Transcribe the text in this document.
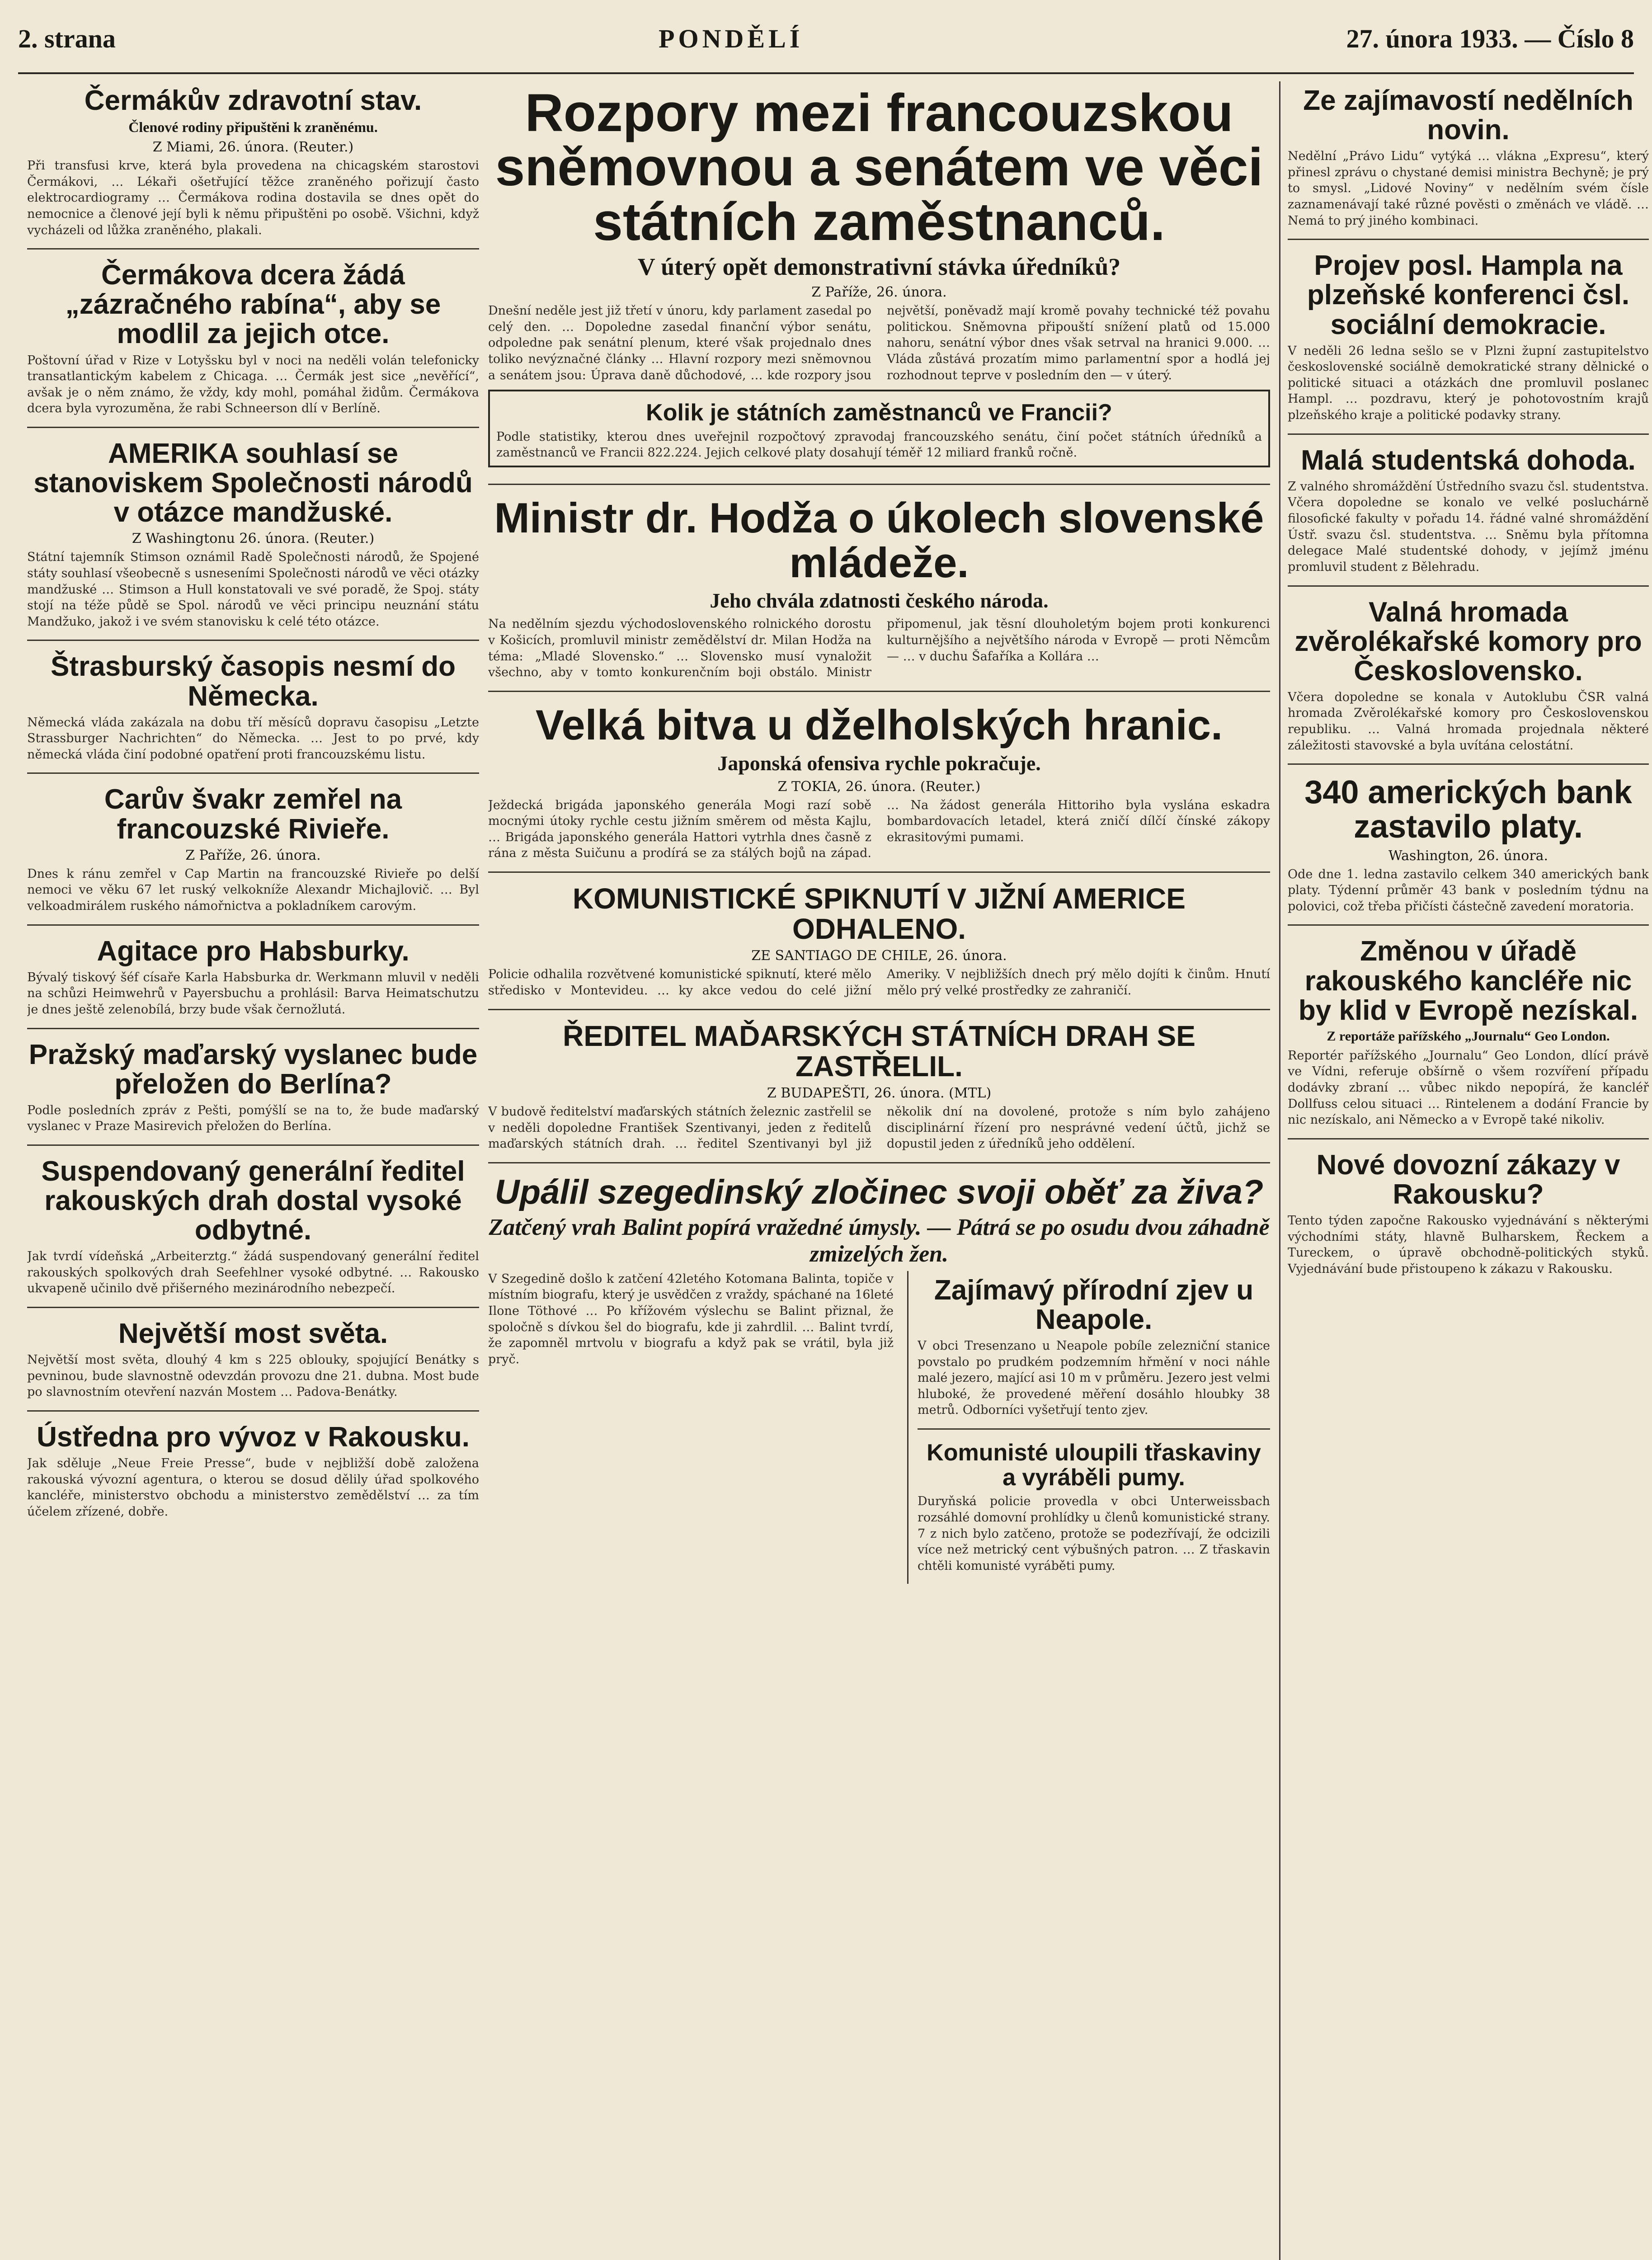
2. strana	PONDĚLÍ	27. února 1933. — Číslo 8
Čermákův zdravotní stav.
Členové rodiny připuštěni k zraněnému.
Z Miami, 26. února. (Reuter.)
Při transfusi krve, která byla provedena na chicagském starostovi Čermákovi, … Lékaři ošetřující těžce zraněného pořizují často elektrocardiogramy … Čermákova rodina dostavila se dnes opět do nemocnice a členové její byli k němu připuštěni po osobě. Všichni, když vycházeli od lůžka zraněného, plakali.
Čermákova dcera žádá „zázračného rabína“, aby se modlil za jejich otce.
Poštovní úřad v Rize v Lotyšsku byl v noci na neděli volán telefonicky transatlantickým kabelem z Chicaga. … Čermák jest sice „nevěřící“, avšak je o něm známo, že vždy, kdy mohl, pomáhal židům. Čermákova dcera byla vyrozuměna, že rabi Schneerson dlí v Berlíně.
AMERIKA souhlasí se stanoviskem Společnosti národů v otázce mandžuské.
Z Washingtonu 26. února. (Reuter.)
Státní tajemník Stimson oznámil Radě Společnosti národů, že Spojené státy souhlasí všeobecně s usneseními Společnosti národů ve věci otázky mandžuské … Stimson a Hull konstatovali ve své poradě, že Spoj. státy stojí na téže půdě se Spol. národů ve věci principu neuznání státu Mandžuko, jakož i ve svém stanovisku k celé této otázce.
Štrasburský časopis nesmí do Německa.
Německá vláda zakázala na dobu tří měsíců dopravu časopisu „Letzte Strassburger Nachrichten“ do Německa. … Jest to po prvé, kdy německá vláda činí podobné opatření proti francouzskému listu.
Carův švakr zemřel na francouzské Rivieře.
Z Paříže, 26. února.
Dnes k ránu zemřel v Cap Martin na francouzské Rivieře po delší nemoci ve věku 67 let ruský velkokníže Alexandr Michajlovič. … Byl velkoadmirálem ruského námořnictva a pokladníkem carovým.
Agitace pro Habsburky.
Bývalý tiskový šéf císaře Karla Habsburka dr. Werkmann mluvil v neděli na schůzi Heimwehrů v Payersbuchu a prohlásil: Barva Heimatschutzu je dnes ještě zelenobílá, brzy bude však černožlutá.
Pražský maďarský vyslanec bude přeložen do Berlína?
Podle posledních zpráv z Pešti, pomýšlí se na to, že bude maďarský vyslanec v Praze Masirevich přeložen do Berlína.
Suspendovaný generální ředitel rakouských drah dostal vysoké odbytné.
Jak tvrdí vídeňská „Arbeiterztg.“ žádá suspendovaný generální ředitel rakouských spolkových drah Seefehlner vysoké odbytné. … Rakousko ukvapeně učinilo dvě přišerného mezinárodního nebezpečí.
Největší most světa.
Největší most světa, dlouhý 4 km s 225 oblouky, spojující Benátky s pevninou, bude slavnostně odevzdán provozu dne 21. dubna. Most bude po slavnostním otevření nazván Mostem … Padova-Benátky.
Ústředna pro vývoz v Rakousku.
Jak sděluje „Neue Freie Presse“, bude v nejbližší době založena rakouská vývozní agentura, o kterou se dosud dělily úřad spolkového kancléře, ministerstvo obchodu a ministerstvo zemědělství … za tím účelem zřízené, dobře.
Rozpory mezi francouzskou sněmovnou a senátem ve věci státních zaměstnanců.
V úterý opět demonstrativní stávka úředníků?
Z Paříže, 26. února.
Dnešní neděle jest již třetí v únoru, kdy parlament zasedal po celý den. … Dopoledne zasedal finanční výbor senátu, odpoledne pak senátní plenum, které však projednalo dnes toliko nevýznačné články … Hlavní rozpory mezi sněmovnou a senátem jsou: Úprava daně důchodové, … kde rozpory jsou největší, poněvadž mají kromě povahy technické též povahu politickou. Sněmovna připouští snížení platů od 15.000 nahoru, senátní výbor dnes však setrval na hranici 9.000. … Vláda zůstává prozatím mimo parlamentní spor a hodlá jej rozhodnout teprve v posledním den — v úterý.
Kolik je státních zaměstnanců ve Francii?
Podle statistiky, kterou dnes uveřejnil rozpočtový zpravodaj francouzského senátu, činí počet státních úředníků a zaměstnanců ve Francii 822.224. Jejich celkové platy dosahují téměř 12 miliard franků ročně.
Ministr dr. Hodža o úkolech slovenské mládeže.
Jeho chvála zdatnosti českého národa.
Na nedělním sjezdu východoslovenského rolnického dorostu v Košicích, promluvil ministr zemědělství dr. Milan Hodža na téma: „Mladé Slovensko.“ … Slovensko musí vynaložit všechno, aby v tomto konkurenčním boji obstálo. Ministr připomenul, jak těsní dlouholetým bojem proti konkurenci kulturnějšího a největšího národa v Evropě — proti Němcům — … v duchu Šafaříka a Kollára …
Velká bitva u dželholských hranic.
Japonská ofensiva rychle pokračuje.
Z TOKIA, 26. února. (Reuter.)
Ježdecká brigáda japonského generála Mogi razí sobě mocnými útoky rychle cestu jižním směrem od města Kajlu, … Brigáda japonského generála Hattori vytrhla dnes časně z rána z města Suičunu a prodírá se za stálých bojů na západ. … Na žádost generála Hittoriho byla vyslána eskadra bombardovacích letadel, která zničí dílčí čínské zákopy ekrasitovými pumami.
KOMUNISTICKÉ SPIKNUTÍ V JIŽNÍ AMERICE ODHALENO.
ZE SANTIAGO DE CHILE, 26. února.
Policie odhalila rozvětvené komunistické spiknutí, které mělo středisko v Montevideu. … ky akce vedou do celé jižní Ameriky. V nejbližších dnech prý mělo dojíti k činům. Hnutí mělo prý velké prostředky ze zahraničí.
ŘEDITEL MAĎARSKÝCH STÁTNÍCH DRAH SE ZASTŘELIL.
Z BUDAPEŠTI, 26. února. (MTL)
V budově ředitelství maďarských státních železnic zastřelil se v neděli dopoledne František Szentivanyi, jeden z ředitelů maďarských státních drah. … ředitel Szentivanyi byl již několik dní na dovolené, protože s ním bylo zahájeno disciplinární řízení pro nesprávné vedení účtů, jichž se dopustil jeden z úředníků jeho oddělení.
Upálil szegedinský zločinec svoji oběť za živa?
Zatčený vrah Balint popírá vražedné úmysly. — Pátrá se po osudu dvou záhadně zmizelých žen.
V Szegedině došlo k zatčení 42letého Kotomana Balinta, topiče v místním biografu, který je usvědčen z vraždy, spáchané na 16leté Ilone Töthové … Po křížovém výslechu se Balint přiznal, že spoločně s dívkou šel do biografu, kde ji zahrdlil. … Balint tvrdí, že zapomněl mrtvolu v biografu a když pak se vrátil, byla již pryč.
Zajímavý přírodní zjev u Neapole.
V obci Tresenzano u Neapole pobíle zelezniční stanice povstalo po prudkém podzemním hřmění v noci náhle malé jezero, mající asi 10 m v průměru. Jezero jest velmi hluboké, že provedené měření dosáhlo hloubky 38 metrů. Odborníci vyšetřují tento zjev.
Komunisté uloupili třaskaviny a vyráběli pumy.
Duryňská policie provedla v obci Unterweissbach rozsáhlé domovní prohlídky u členů komunistické strany. 7 z nich bylo zatčeno, protože se podezřívají, že odcizili více než metrický cent výbušných patron. … Z třaskavin chtěli komunisté vyráběti pumy.
Ze zajímavostí nedělních novin.
Nedělní „Právo Lidu“ vytýká … vlákna „Expresu“, který přinesl zprávu o chystané demisi ministra Bechyně; je prý to smysl. „Lidové Noviny“ v nedělním svém čísle zaznamenávají také různé pověsti o změnách ve vládě. … Nemá to prý jiného kombinaci.
Projev posl. Hampla na plzeňské konferenci čsl. sociální demokracie.
V neděli 26 ledna sešlo se v Plzni župní zastupitelstvo československé sociálně demokratické strany dělnické o politické situaci a otázkách dne promluvil poslanec Hampl. … pozdravu, který je pohotovostním krajů plzeňského kraje a politické podavky strany.
Malá studentská dohoda.
Z valného shromáždění Ústředního svazu čsl. studentstva. Včera dopoledne se konalo ve velké posluchárně filosofické fakulty v pořadu 14. řádné valné shromáždění Ústř. svazu čsl. studentstva. … Sněmu byla přítomna delegace Malé studentské dohody, v jejímž jménu promluvil student z Bělehradu.
Valná hromada zvěrolékařské komory pro Československo.
Včera dopoledne se konala v Autoklubu ČSR valná hromada Zvěrolékařské komory pro Československou republiku. … Valná hromada projednala některé záležitosti stavovské a byla uvítána celostátní.
340 amerických bank zastavilo platy.
Washington, 26. února.
Ode dne 1. ledna zastavilo celkem 340 amerických bank platy. Týdenní průměr 43 bank v posledním týdnu na polovici, což třeba přičísti částečně zavedení moratoria.
Změnou v úřadě rakouského kancléře nic by klid v Evropě nezískal.
Z reportáže pařížského „Journalu“ Geo London.
Reportér pařížského „Journalu“ Geo London, dlící právě ve Vídni, referuje obšírně o všem rozvíření případu dodávky zbraní … vůbec nikdo nepopírá, že kancléř Dollfuss celou situaci … Rintelenem a dodání Francie by nic nezískalo, ani Německo a v Evropě také nikoliv.
Nové dovozní zákazy v Rakousku?
Tento týden započne Rakousko vyjednávání s některými východními státy, hlavně Bulharskem, Řeckem a Tureckem, o úpravě obchodně-politických styků. Vyjednávání bude přistoupeno k zákazu v Rakousku.
